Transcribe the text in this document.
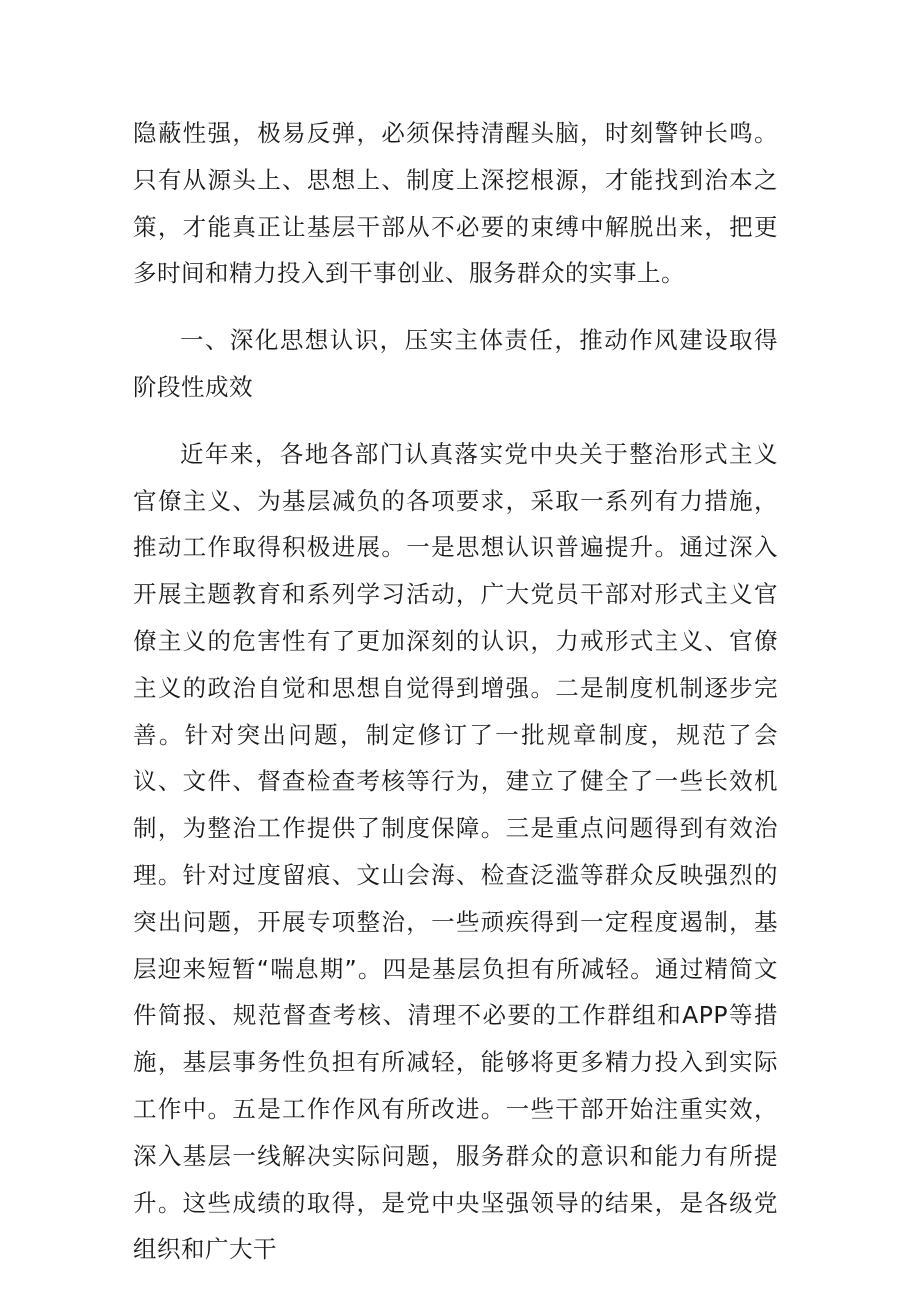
隐蔽性强，极易反弹，必须保持清醒头脑，时刻警钟长鸣。只有从源头上、思想上、制度上深挖根源，才能找到治本之策，才能真正让基层干部从不必要的束缚中解脱出来，把更多时间和精力投入到干事创业、服务群众的实事上。

一、深化思想认识，压实主体责任，推动作风建设取得阶段性成效

近年来，各地各部门认真落实党中央关于整治形式主义官僚主义、为基层减负的各项要求，采取一系列有力措施，推动工作取得积极进展。一是思想认识普遍提升。通过深入开展主题教育和系列学习活动，广大党员干部对形式主义官僚主义的危害性有了更加深刻的认识，力戒形式主义、官僚主义的政治自觉和思想自觉得到增强。二是制度机制逐步完善。针对突出问题，制定修订了一批规章制度，规范了会议、文件、督查检查考核等行为，建立了健全了一些长效机制，为整治工作提供了制度保障。三是重点问题得到有效治理。针对过度留痕、文山会海、检查泛滥等群众反映强烈的突出问题，开展专项整治，一些顽疾得到一定程度遏制，基层迎来短暂“喘息期”。四是基层负担有所减轻。通过精简文件简报、规范督查考核、清理不必要的工作群组和APP等措施，基层事务性负担有所减轻，能够将更多精力投入到实际工作中。五是工作作风有所改进。一些干部开始注重实效，深入基层一线解决实际问题，服务群众的意识和能力有所提升。这些成绩的取得，是党中央坚强领导的结果，是各级党组织和广大干
